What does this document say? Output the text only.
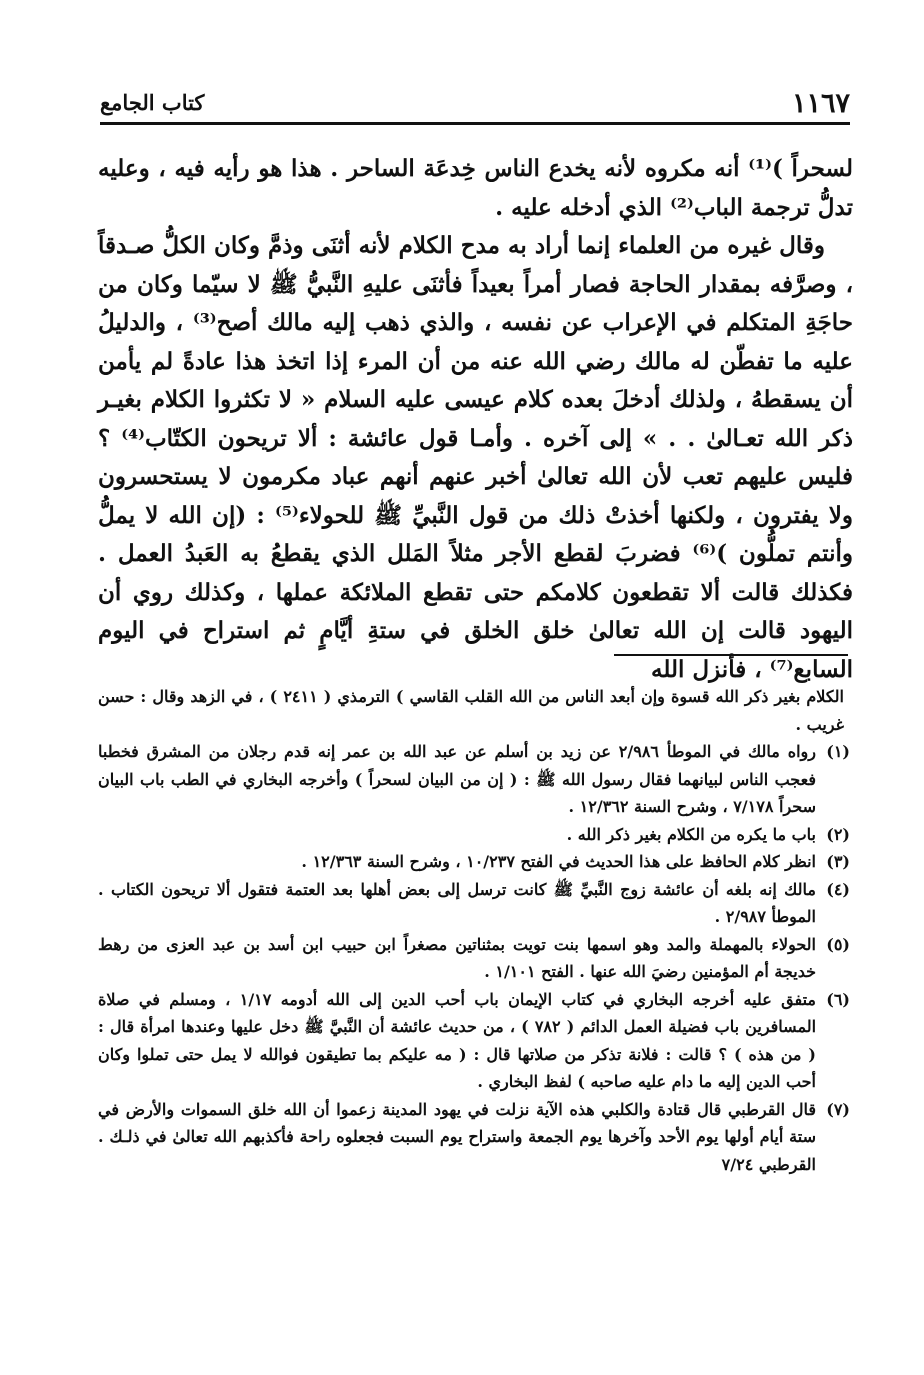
١١٦٧
كتاب الجامع

لسحراً )⁽¹⁾ أنه مكروه لأنه يخدع الناس خِدعَة الساحر . هذا هو رأيه فيه ، وعليه تدلُّ ترجمة الباب⁽²⁾ الذي أدخله عليه .

وقال غيره من العلماء إنما أراد به مدح الكلام لأنه أثنَى وذمَّ وكان الكلُّ صـدقاً ، وصرَّفه بمقدار الحاجة فصار أمراً بعيداً فأثنَى عليهِ النَّبيُّ ﷺ لا سيّما وكان من حاجَةِ المتكلم في الإعراب عن نفسه ، والذي ذهب إليه مالك أصح⁽³⁾ ، والدليلُ عليه ما تفطّن له مالك رضي الله عنه من أن المرء إذا اتخذ هذا عادةً لم يأمن أن يسقطهُ ، ولذلك أدخلَ بعده كلام عيسى عليه السلام « لا تكثروا الكلام بغيـر ذكر الله تعـالىٰ . . » إلى آخره . وأمـا قول عائشة : ألا تريحون الكتّاب⁽⁴⁾ ؟ فليس عليهم تعب لأن الله تعالىٰ أخبر عنهم أنهم عباد مكرمون لا يستحسرون ولا يفترون ، ولكنها أخذتْ ذلك من قول النَّبيِّ ﷺ للحولاء⁽⁵⁾ : (إن الله لا يملُّ وأنتم تملُّون )⁽⁶⁾ فضربَ لقطع الأجر مثلاً المَلل الذي يقطعُ به العَبدُ العمل . فكذلك قالت ألا تقطعون كلامكم حتى تقطع الملائكة عملها ، وكذلك روي أن اليهود قالت إن الله تعالىٰ خلق الخلق في ستةِ أيَّامٍ ثم استراح في اليوم السابع⁽⁷⁾ ، فأنزل الله

الكلام بغير ذكر الله قسوة وإن أبعد الناس من الله القلب القاسي ) الترمذي ( ٢٤١١ ) ، في الزهد وقال : حسن غريب .
(١)
رواه مالك في الموطأ ٢/٩٨٦ عن زيد بن أسلم عن عبد الله بن عمر إنه قدم رجلان من المشرق فخطبا فعجب الناس لبيانهما فقال رسول الله ﷺ : ( إن من البيان لسحراً ) وأخرجه البخاري في الطب باب البيان سحراً ٧/١٧٨ ، وشرح السنة ١٢/٣٦٢ .
(٢)
باب ما يكره من الكلام بغير ذكر الله .
(٣)
انظر كلام الحافظ على هذا الحديث في الفتح ١٠/٢٣٧ ، وشرح السنة ١٢/٣٦٣ .
(٤)
مالك إنه بلغه أن عائشة زوج النَّبيِّ ﷺ كانت ترسل إلى بعض أهلها بعد العتمة فتقول ألا تريحون الكتاب . الموطأ ٢/٩٨٧ .
(٥)
الحولاء بالمهملة والمد وهو اسمها بنت تويت بمثناتين مصغراً ابن حبيب ابن أسد بن عبد العزى من رهط خديجة أم المؤمنين رضيَ الله عنها . الفتح ١/١٠١ .
(٦)
متفق عليه أخرجه البخاري في كتاب الإيمان باب أحب الدين إلى الله أدومه ١/١٧ ، ومسلم في صلاة المسافرين باب فضيلة العمل الدائم ( ٧٨٢ ) ، من حديث عائشة أن النَّبيَّ ﷺ دخل عليها وعندها امرأة قال : ( من هذه ) ؟ قالت : فلانة تذكر من صلاتها قال : ( مه عليكم بما تطيقون فوالله لا يمل حتى تملوا وكان أحب الدين إليه ما دام عليه صاحبه ) لفظ البخاري .
(٧)
قال القرطبي قال قتادة والكلبي هذه الآية نزلت في يهود المدينة زعموا أن الله خلق السموات والأرض في ستة أيام أولها يوم الأحد وآخرها يوم الجمعة واستراح يوم السبت فجعلوه راحة فأكذبهم الله تعالىٰ في ذلـك . القرطبي ٧/٢٤
